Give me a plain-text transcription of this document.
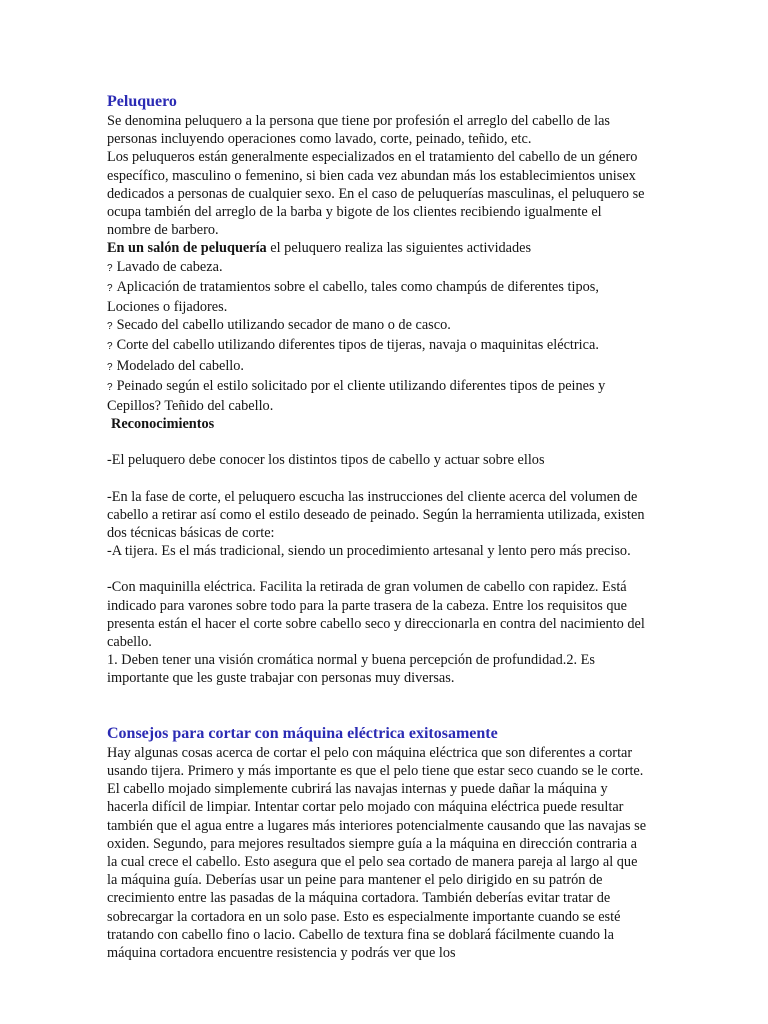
Peluquero

Se denomina peluquero a la persona que tiene por profesión el arreglo del cabello de las personas incluyendo operaciones como lavado, corte, peinado, teñido, etc.

Los peluqueros están generalmente especializados en el tratamiento del cabello de un género específico, masculino o femenino, si bien cada vez abundan más los establecimientos unisex dedicados a personas de cualquier sexo. En el caso de peluquerías masculinas, el peluquero se ocupa también del arreglo de la barba y bigote de los clientes recibiendo igualmente el nombre de barbero.

En un salón de peluquería el peluquero realiza las siguientes actividades

? Lavado de cabeza.
? Aplicación de tratamientos sobre el cabello, tales como champús de diferentes tipos, Lociones o fijadores.
? Secado del cabello utilizando secador de mano o de casco.
? Corte del cabello utilizando diferentes tipos de tijeras, navaja o maquinitas eléctrica.
? Modelado del cabello.
? Peinado según el estilo solicitado por el cliente utilizando diferentes tipos de peines y Cepillos? Teñido del cabello.

Reconocimientos

-El peluquero debe conocer los distintos tipos de cabello y actuar sobre ellos

-En la fase de corte, el peluquero escucha las instrucciones del cliente acerca del volumen de cabello a retirar así como el estilo deseado de peinado. Según la herramienta utilizada, existen dos técnicas básicas de corte:

-A tijera. Es el más tradicional, siendo un procedimiento artesanal y lento pero más preciso.

-Con maquinilla eléctrica. Facilita la retirada de gran volumen de cabello con rapidez. Está indicado para varones sobre todo para la parte trasera de la cabeza. Entre los requisitos que presenta están el hacer el corte sobre cabello seco y direccionarla en contra del nacimiento del cabello.

1. Deben tener una visión cromática normal y buena percepción de profundidad.2. Es importante que les guste trabajar con personas muy diversas.

Consejos para cortar con máquina eléctrica exitosamente

Hay algunas cosas acerca de cortar el pelo con máquina eléctrica que son diferentes a cortar usando tijera. Primero y más importante es que el pelo tiene que estar seco cuando se le corte. El cabello mojado simplemente cubrirá las navajas internas y puede dañar la máquina y hacerla difícil de limpiar. Intentar cortar pelo mojado con máquina eléctrica puede resultar también que el agua entre a lugares más interiores potencialmente causando que las navajas se oxiden. Segundo, para mejores resultados siempre guía a la máquina en dirección contraria a la cual crece el cabello. Esto asegura que el pelo sea cortado de manera pareja al largo al que la máquina guía. Deberías usar un peine para mantener el pelo dirigido en su patrón de crecimiento entre las pasadas de la máquina cortadora. También deberías evitar tratar de sobrecargar la cortadora en un solo pase. Esto es especialmente importante cuando se esté tratando con cabello fino o lacio. Cabello de textura fina se doblará fácilmente cuando la máquina cortadora encuentre resistencia y podrás ver que los
